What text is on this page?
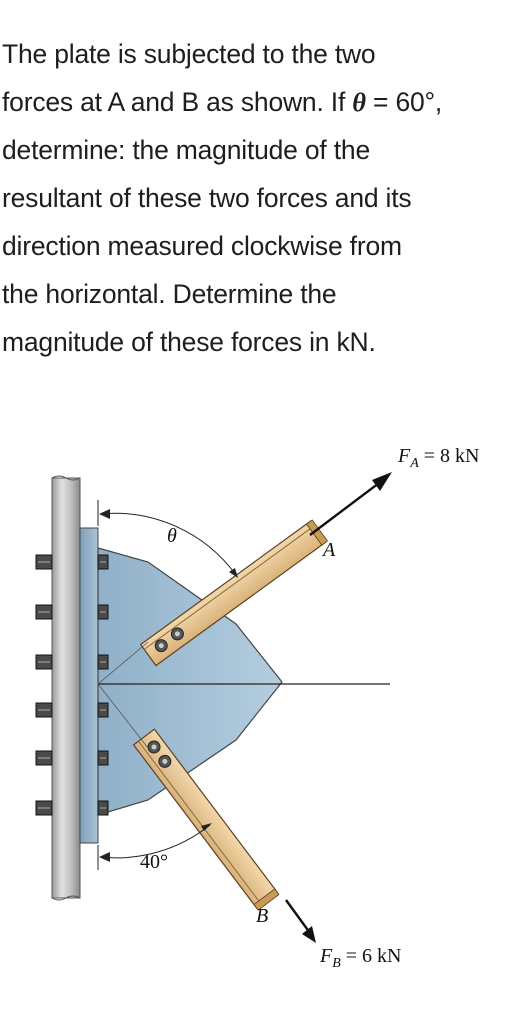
The plate is subjected to the two
forces at A and B as shown. If θ = 60°,
determine: the magnitude of the
resultant of these two forces and its
direction measured clockwise from
the horizontal. Determine the
magnitude of these forces in kN.
$F_A = 8$ kN
$F_B = 6$ kN
A
B
θ
40°
